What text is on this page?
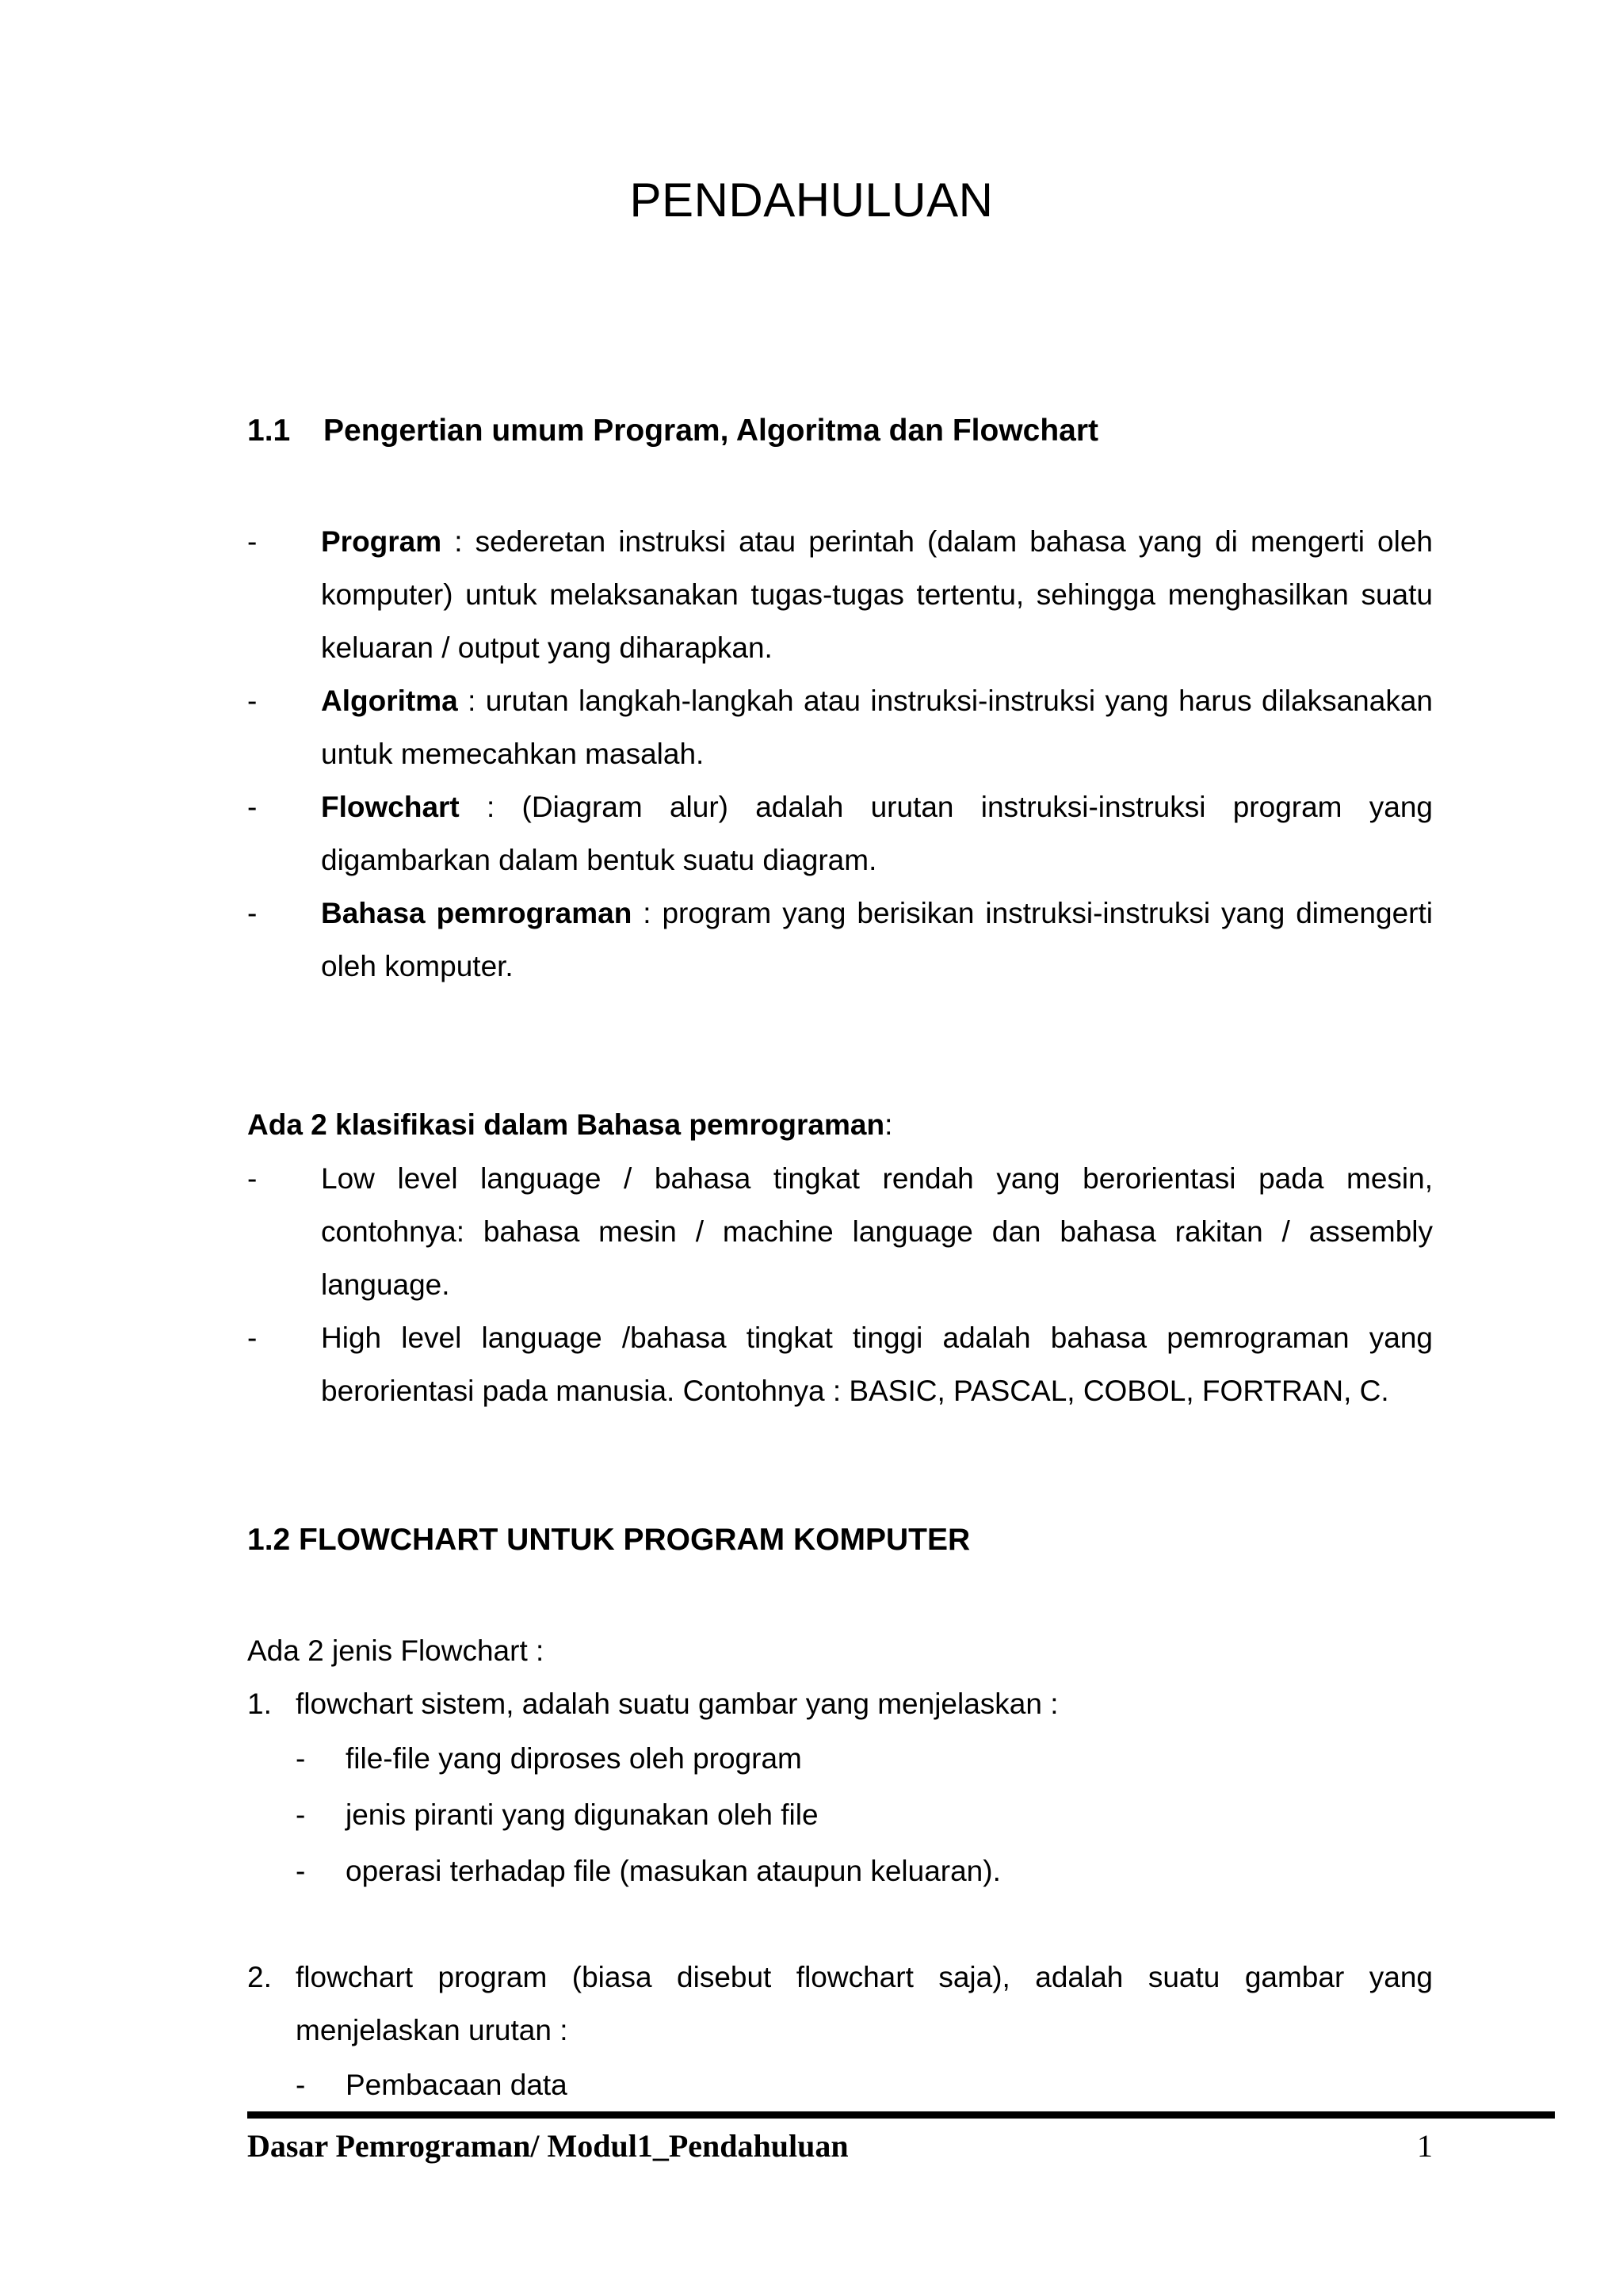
PENDAHULUAN
1.1 Pengertian umum Program, Algoritma dan Flowchart
- Program : sederetan instruksi atau perintah (dalam bahasa yang di mengerti oleh komputer) untuk melaksanakan tugas-tugas tertentu, sehingga menghasilkan suatu keluaran / output yang diharapkan.
- Algoritma : urutan langkah-langkah atau instruksi-instruksi yang harus dilaksanakan untuk memecahkan masalah.
- Flowchart : (Diagram alur) adalah urutan instruksi-instruksi program yang digambarkan dalam bentuk suatu diagram.
- Bahasa pemrograman : program yang berisikan instruksi-instruksi yang dimengerti oleh komputer.
Ada 2 klasifikasi dalam Bahasa pemrograman:
- Low level language / bahasa tingkat rendah yang berorientasi pada mesin, contohnya: bahasa mesin / machine language dan bahasa rakitan / assembly language.
- High level language /bahasa tingkat tinggi adalah bahasa pemrograman yang berorientasi pada manusia. Contohnya : BASIC, PASCAL, COBOL, FORTRAN, C.
1.2 FLOWCHART UNTUK PROGRAM KOMPUTER
Ada 2 jenis Flowchart :
1. flowchart sistem, adalah suatu gambar yang menjelaskan :
- file-file yang diproses oleh program
- jenis piranti yang digunakan oleh file
- operasi terhadap file (masukan ataupun keluaran).
2. flowchart program (biasa disebut flowchart saja), adalah suatu gambar yang menjelaskan urutan :
- Pembacaan data
Dasar Pemrograman/ Modul1_Pendahuluan	1
